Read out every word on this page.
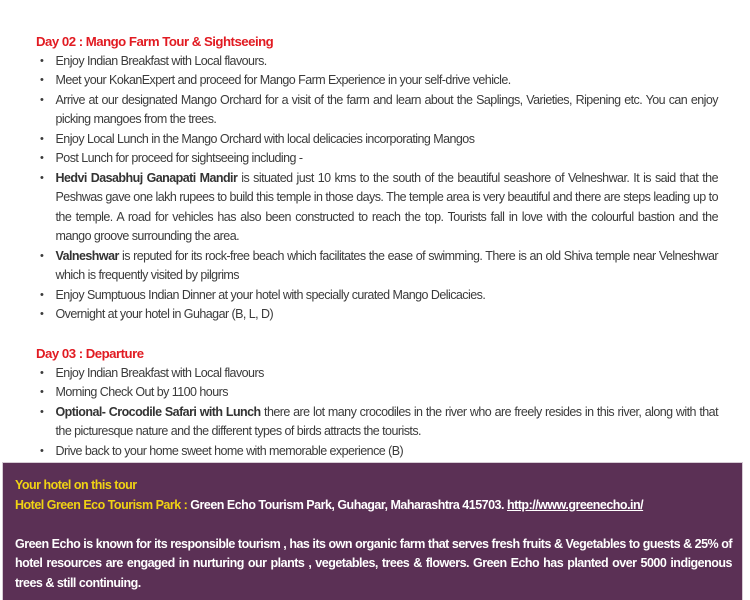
Day 02 : Mango Farm Tour & Sightseeing
• Enjoy Indian Breakfast with Local flavours.
• Meet your KokanExpert and proceed for Mango Farm Experience in your self-drive vehicle.
• Arrive at our designated Mango Orchard for a visit of the farm and learn about the Saplings, Varieties, Ripening etc. You can enjoy picking mangoes from the trees.
• Enjoy Local Lunch in the Mango Orchard with local delicacies incorporating Mangos
• Post Lunch for proceed for sightseeing including -
• Hedvi Dasabhuj Ganapati Mandir is situated just 10 kms to the south of the beautiful seashore of Velneshwar. It is said that the Peshwas gave one lakh rupees to build this temple in those days. The temple area is very beautiful and there are steps leading up to the temple. A road for vehicles has also been constructed to reach the top. Tourists fall in love with the colourful bastion and the mango groove surrounding the area.
• Valneshwar is reputed for its rock-free beach which facilitates the ease of swimming. There is an old Shiva temple near Velneshwar which is frequently visited by pilgrims
• Enjoy Sumptuous Indian Dinner at your hotel with specially curated Mango Delicacies.
• Overnight at your hotel in Guhagar (B, L, D)
Day 03 : Departure
• Enjoy Indian Breakfast with Local flavours
• Morning Check Out by 1100 hours
• Optional- Crocodile Safari with Lunch there are lot many crocodiles in the river who are freely resides in this river, along with that the picturesque nature and the different types of birds attracts the tourists.
• Drive back to your home sweet home with memorable experience (B)

Your hotel on this tour

Hotel Green Eco Tourism Park : Green Echo Tourism Park, Guhagar, Maharashtra 415703. http://www.greenecho.in/

Green Echo is known for its responsible tourism , has its own organic farm that serves fresh fruits & Vegetables to guests & 25% of hotel resources are engaged in nurturing our plants , vegetables, trees & flowers. Green Echo has planted over 5000 indigenous trees & still continuing.
